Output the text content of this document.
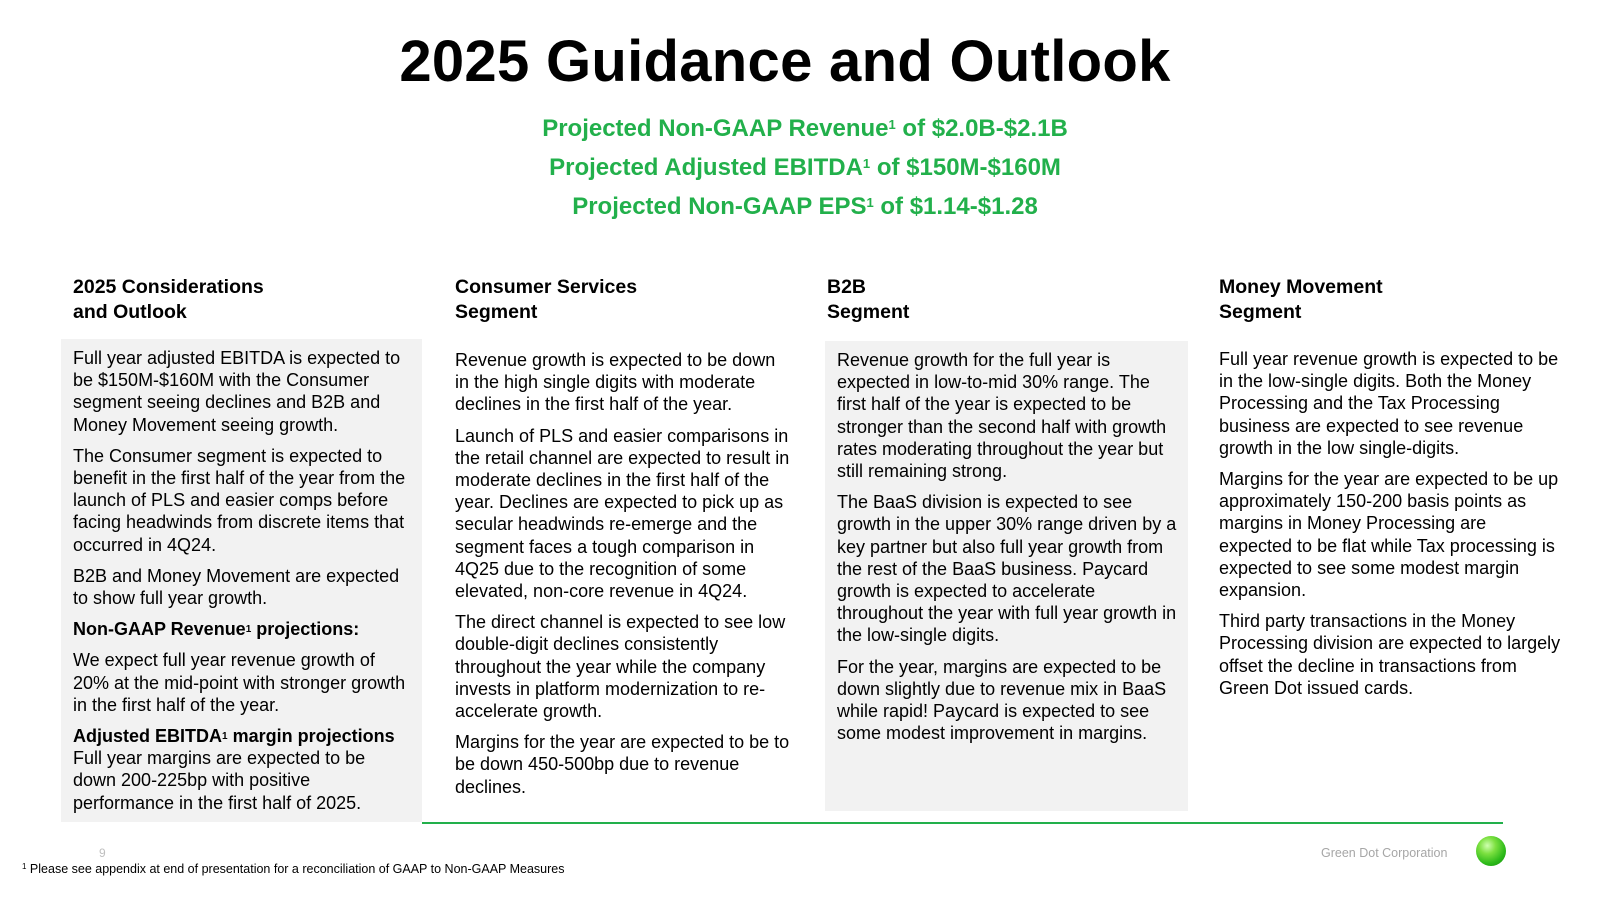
2025 Guidance and Outlook
Projected Non-GAAP Revenue$^1$ of $2.0B-$2.1B
Projected Adjusted EBITDA$^1$ of $150M-$160M
Projected Non-GAAP EPS$^1$ of $1.14-$1.28
2025 Considerations
and Outlook

Full year adjusted EBITDA is expected to be $150M-$160M with the Consumer segment seeing declines and B2B and Money Movement seeing growth.

The Consumer segment is expected to benefit in the first half of the year from the launch of PLS and easier comps before facing headwinds from discrete items that occurred in 4Q24.

B2B and Money Movement are expected to show full year growth.

Non-GAAP Revenue$^1$ projections:

We expect full year revenue growth of 20% at the mid-point with stronger growth in the first half of the year.

Adjusted EBITDA$^1$ margin projections

Full year margins are expected to be down 200-225bp with positive performance in the first half of 2025.

Consumer Services
Segment

Revenue growth is expected to be down in the high single digits with moderate declines in the first half of the year.

Launch of PLS and easier comparisons in the retail channel are expected to result in moderate declines in the first half of the year. Declines are expected to pick up as secular headwinds re-emerge and the segment faces a tough comparison in 4Q25 due to the recognition of some elevated, non-core revenue in 4Q24.

The direct channel is expected to see low double-digit declines consistently throughout the year while the company invests in platform modernization to re-accelerate growth.

Margins for the year are expected to be to be down 450-500bp due to revenue declines.

B2B
Segment

Revenue growth for the full year is expected in low-to-mid 30% range. The first half of the year is expected to be stronger than the second half with growth rates moderating throughout the year but still remaining strong.

The BaaS division is expected to see growth in the upper 30% range driven by a key partner but also full year growth from the rest of the BaaS business. Paycard growth is expected to accelerate throughout the year with full year growth in the low-single digits.

For the year, margins are expected to be down slightly due to revenue mix in BaaS while rapid! Paycard is expected to see some modest improvement in margins.

Money Movement
Segment

Full year revenue growth is expected to be in the low-single digits. Both the Money Processing and the Tax Processing business are expected to see revenue growth in the low single-digits.

Margins for the year are expected to be up approximately 150-200 basis points as margins in Money Processing are expected to be flat while Tax processing is expected to see some modest margin expansion.

Third party transactions in the Money Processing division are expected to largely offset the decline in transactions from Green Dot issued cards.

9
$^1$ Please see appendix at end of presentation for a reconciliation of GAAP to Non-GAAP Measures
Green Dot Corporation
